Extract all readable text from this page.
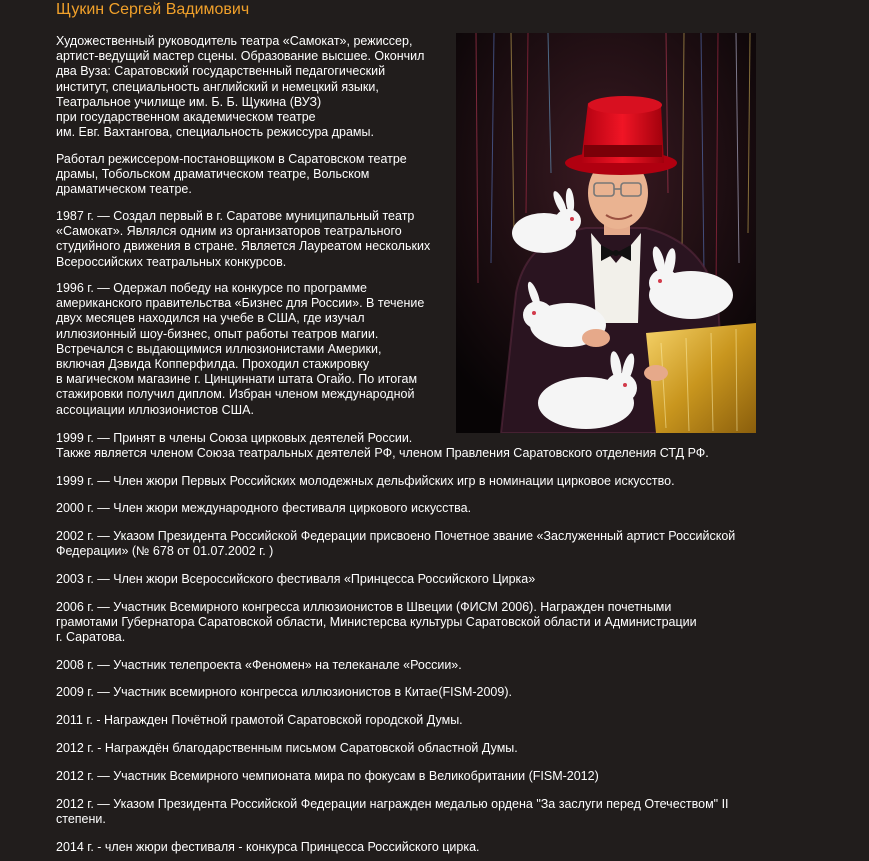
Щукин Сергей Вадимович

Художественный руководитель театра «Самокат», режиссер,
артист-ведущий мастер сцены. Образование высшее. Окончил
два Вуза: Саратовский государственный педагогический
институт, специальность английский и немецкий языки,
Театральное училище им. Б. Б. Щукина (ВУЗ)
при государственном академическом театре
им. Евг. Вахтангова, специальность режиссура драмы.

Работал режиссером-постановщиком в Саратовском театре
драмы, Тобольском драматическом театре, Вольском
драматическом театре.

1987 г. — Создал первый в г. Саратове муниципальный театр
«Самокат». Являлся одним из организаторов театрального
студийного движения в стране. Является Лауреатом нескольких
Всероссийских театральных конкурсов.

1996 г. — Одержал победу на конкурсе по программе
американского правительства «Бизнес для России». В течение
двух месяцев находился на учебе в США, где изучал
иллюзионный шоу-бизнес, опыт работы театров магии.
Встречался с выдающимися иллюзионистами Америки,
включая Дэвида Копперфилда. Проходил стажировку
в магическом магазине г. Цинциннати штата Огайо. По итогам
стажировки получил диплом. Избран членом международной
ассоциации иллюзионистов США.

1999 г. — Принят в члены Союза цирковых деятелей России.
Также является членом Союза театральных деятелей РФ, членом Правления Саратовского отделения СТД РФ.

1999 г. — Член жюри Первых Российских молодежных дельфийских игр в номинации цирковое искусство.

2000 г. — Член жюри международного фестиваля циркового искусства.

2002 г. — Указом Президента Российской Федерации присвоено Почетное звание «Заслуженный артист Российской
Федерации» (№ 678 от 01.07.2002 г. )

2003 г. — Член жюри Всероссийского фестиваля «Принцесса Российского Цирка»

2006 г. — Участник Всемирного конгресса иллюзионистов в Швеции (ФИСМ 2006). Награжден почетными
грамотами Губернатора Саратовской области, Министерсва культуры Саратовской области и Администрации
г. Саратова.

2008 г. — Участник телепроекта «Феномен» на телеканале «России».

2009 г. — Участник всемирного конгресса иллюзионистов в Китае(FISM-2009).

2011 г. - Награжден Почётной грамотой Саратовской городской Думы.

2012 г. - Награждён благодарственным письмом Саратовской областной Думы.

2012 г. — Участник Всемирного чемпионата мира по фокусам в Великобритании (FISM-2012)

2012 г. — Указом Президента Российской Федерации награжден медалью ордена "За заслуги перед Отечеством" II
степени.

2014 г. - член жюри фестиваля - конкурса Принцесса Российского цирка.
